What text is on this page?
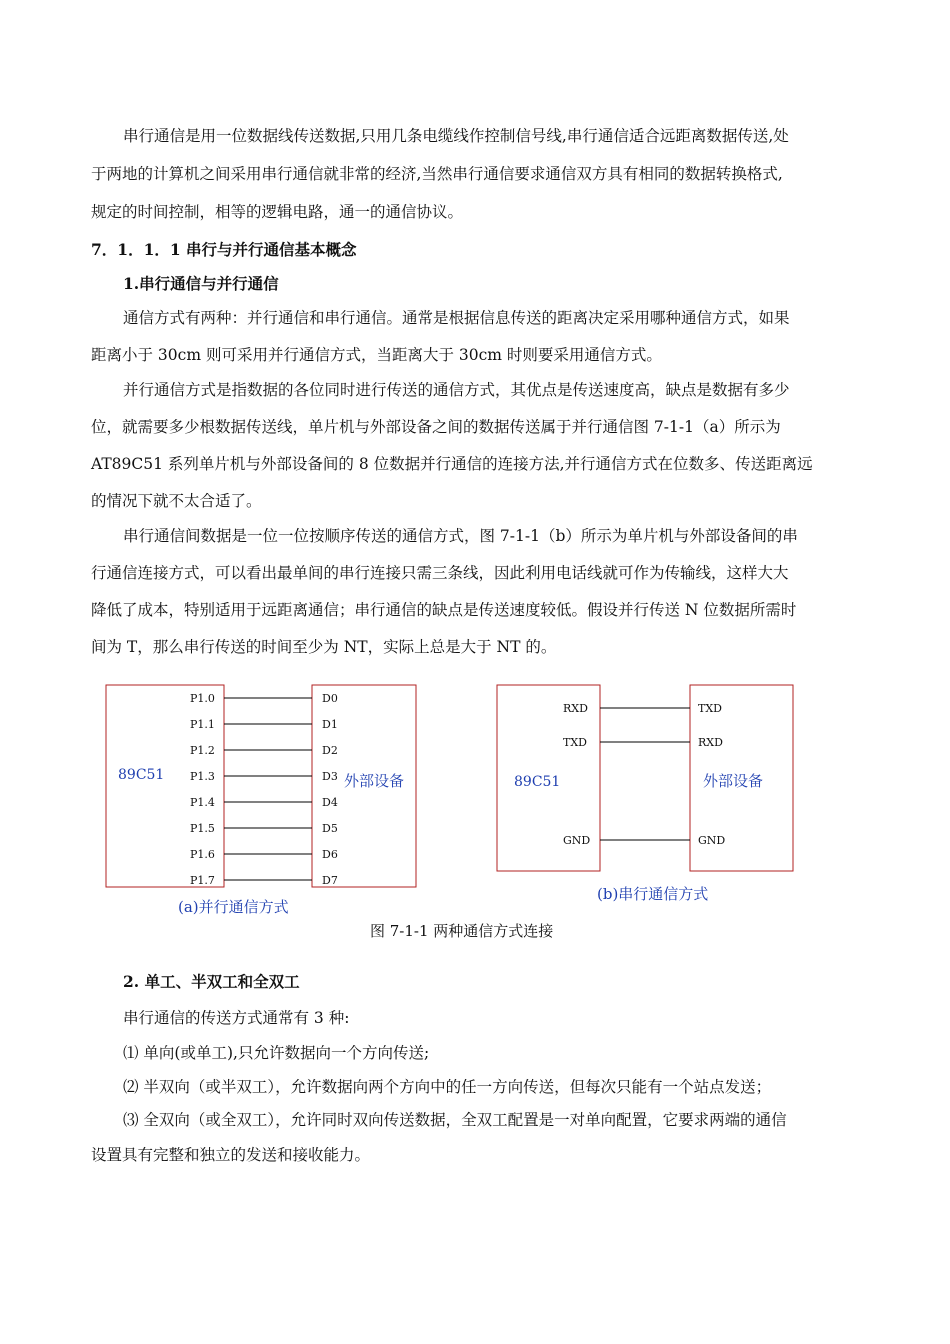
串行通信是用一位数据线传送数据,只用几条电缆线作控制信号线,串行通信适合远距离数据传送,处
于两地的计算机之间采用串行通信就非常的经济,当然串行通信要求通信双方具有相同的数据转换格式,
规定的时间控制，相等的逻辑电路，通一的通信协议。
7．1．1．1 串行与并行通信基本概念
1.串行通信与并行通信
通信方式有两种：并行通信和串行通信。通常是根据信息传送的距离决定采用哪种通信方式，如果
距离小于 30cm 则可采用并行通信方式，当距离大于 30cm 时则要采用通信方式。
并行通信方式是指数据的各位同时进行传送的通信方式，其优点是传送速度高，缺点是数据有多少
位，就需要多少根数据传送线，单片机与外部设备之间的数据传送属于并行通信图 7-1-1（a）所示为
AT89C51 系列单片机与外部设备间的 8 位数据并行通信的连接方法,并行通信方式在位数多、传送距离远
的情况下就不太合适了。
串行通信间数据是一位一位按顺序传送的通信方式，图 7-1-1（b）所示为单片机与外部设备间的串
行通信连接方式，可以看出最单间的串行连接只需三条线，因此利用电话线就可作为传输线，这样大大
降低了成本，特别适用于远距离通信；串行通信的缺点是传送速度较低。假设并行传送 N 位数据所需时
间为 T，那么串行传送的时间至少为 NT，实际上总是大于 NT 的。
89C51	外部设备
P1.0	D0
P1.1	D1
P1.2	D2
P1.3	D3
P1.4	D4
P1.5	D5
P1.6	D6
P1.7	D7
(a)并行通信方式
89C51	外部设备
RXD	TXD
TXD	RXD
GND	GND
(b)串行通信方式
图 7-1-1 两种通信方式连接
2. 单工、半双工和全双工
串行通信的传送方式通常有 3 种:
⑴ 单向(或单工),只允许数据向一个方向传送;
⑵ 半双向（或半双工），允许数据向两个方向中的任一方向传送，但每次只能有一个站点发送；
⑶ 全双向（或全双工），允许同时双向传送数据，全双工配置是一对单向配置，它要求两端的通信
设置具有完整和独立的发送和接收能力。
